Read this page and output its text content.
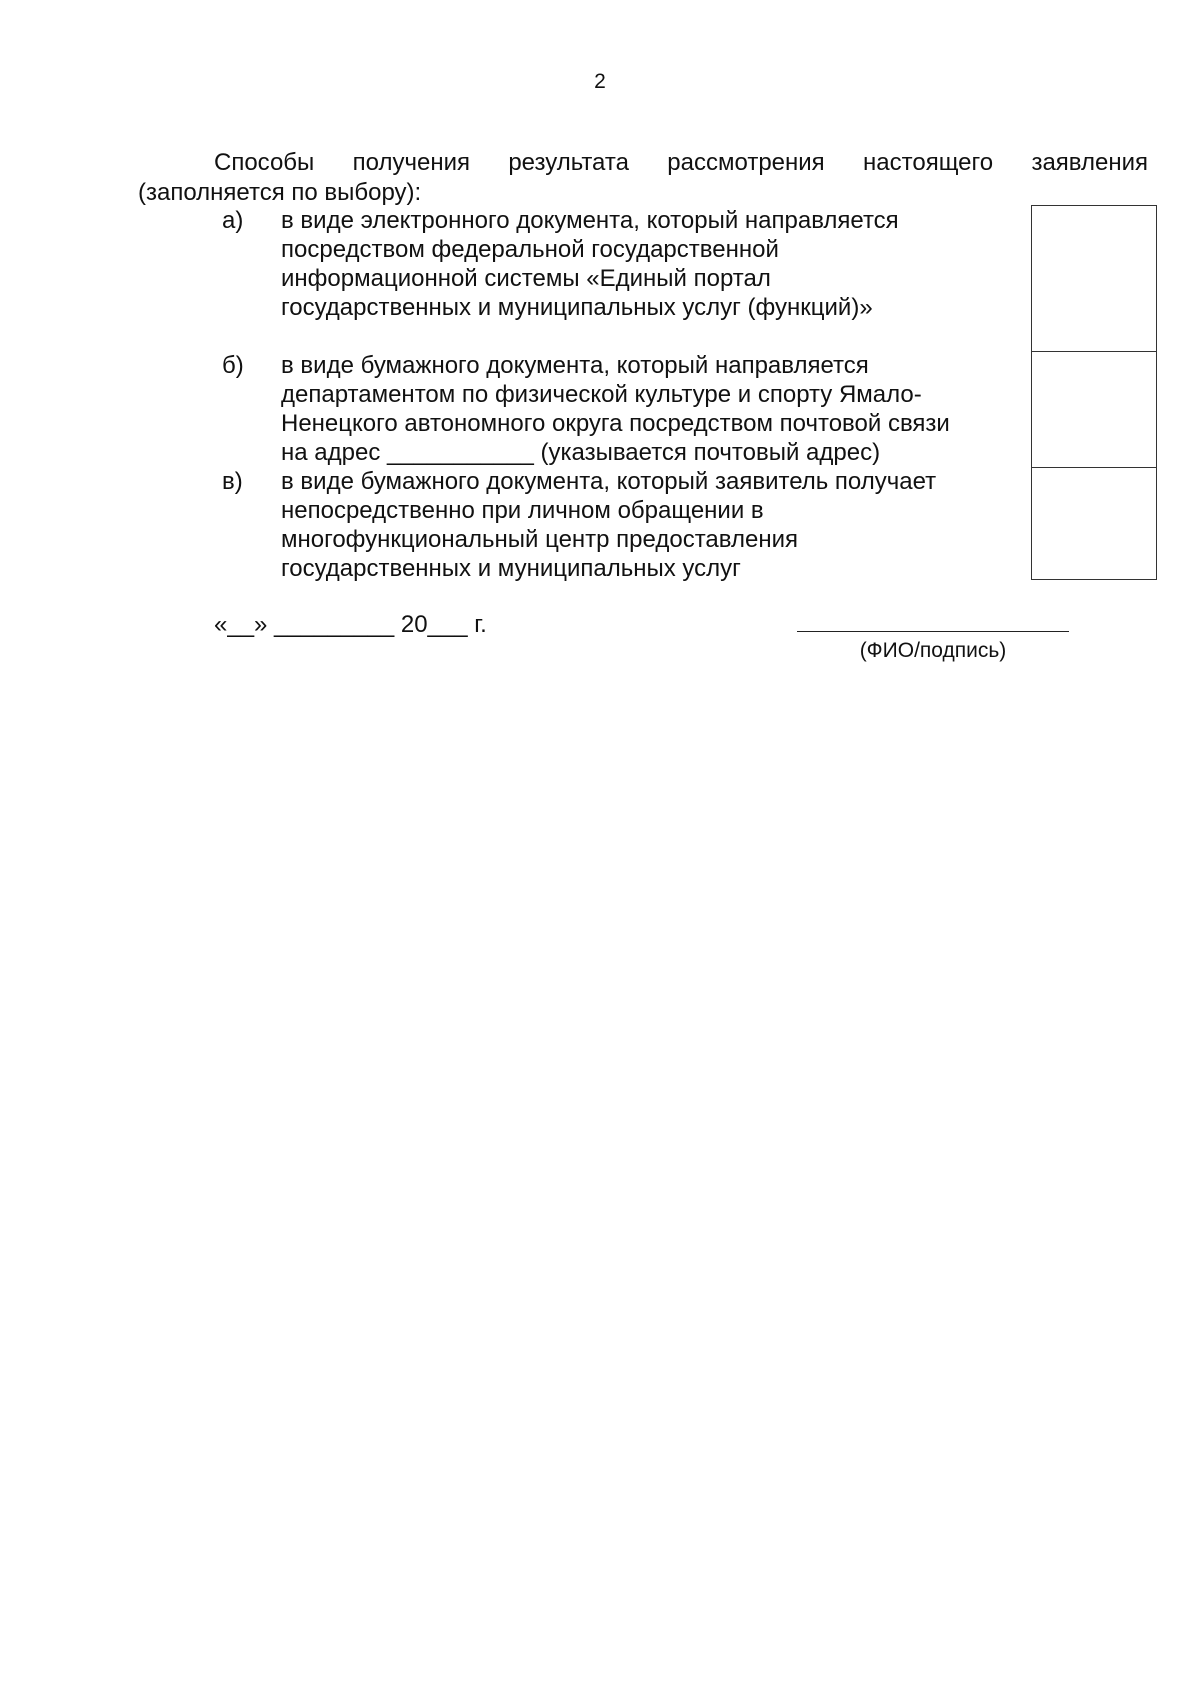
2
Способы получения результата рассмотрения настоящего заявления
(заполняется по выбору):
а) в виде электронного документа, который направляется
посредством федеральной государственной
информационной системы «Единый портал
государственных и муниципальных услуг (функций)»
б) в виде бумажного документа, который направляется
департаментом по физической культуре и спорту Ямало-
Ненецкого автономного округа посредством почтовой связи
на адрес ___________ (указывается почтовый адрес)
в) в виде бумажного документа, который заявитель получает
непосредственно при личном обращении в
многофункциональный центр предоставления
государственных и муниципальных услуг
«__» _________ 20___ г.
(ФИО/подпись)
